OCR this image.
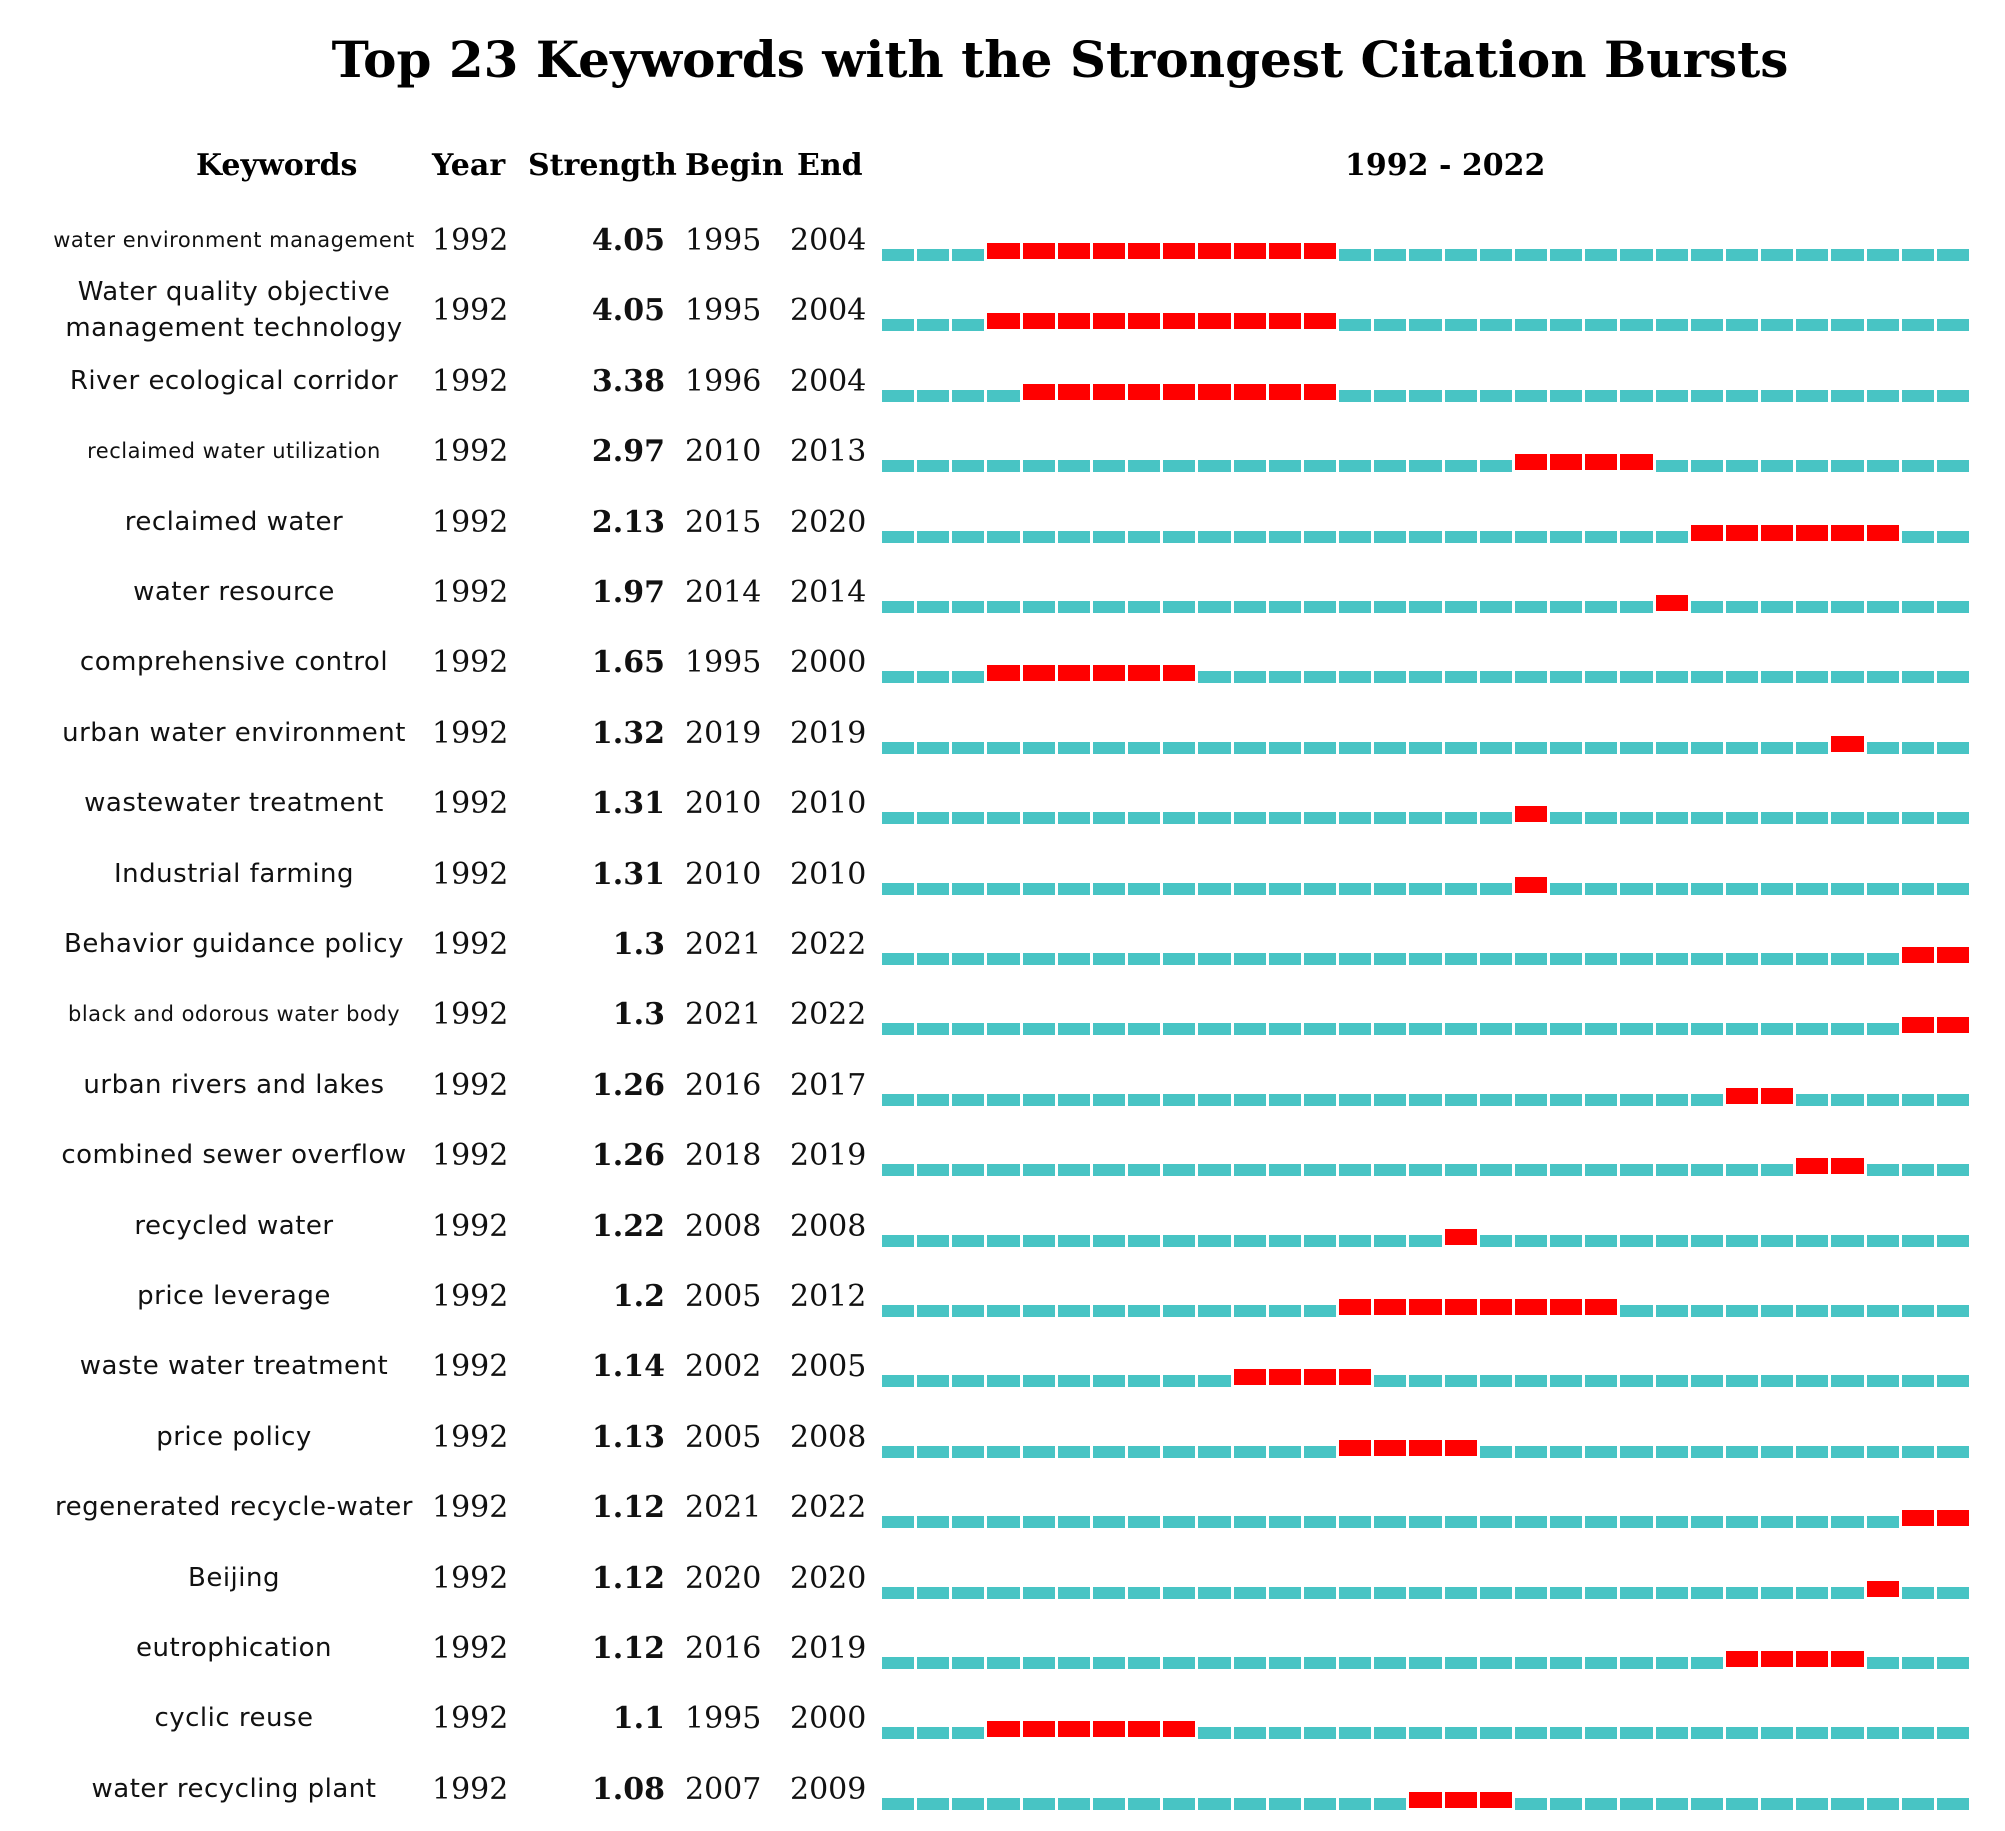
Top 23 Keywords with the Strongest Citation Bursts
Keywords Year Strength Begin End	1992 - 2022
water environment management 1992	4.05 1995 2004
Water quality objective management technology 1992	4.05 1995 2004
River ecological corridor	1992	3.38 1996 2004
reclaimed water utilization	1992	2.97 2010 2013
reclaimed water	1992	2.13 2015 2020
water resource	1992	1.97 2014 2014
comprehensive control	1992	1.65 1995 2000
urban water environment 1992	1.32 2019 2019
wastewater treatment	1992	1.31 2010 2010
Industrial farming	1992	1.31 2010 2010
Behavior guidance policy 1992	1.3 2021 2022
black and odorous water body	1992	1.3 2021 2022
urban rivers and lakes	1992	1.26 2016 2017
combined sewer overflow 1992	1.26 2018 2019
recycled water	1992	1.22 2008 2008
price leverage	1992	1.2 2005 2012
waste water treatment	1992	1.14 2002 2005
price policy	1992	1.13 2005 2008
regenerated recycle-water 1992	1.12 2021 2022
Beijing	1992	1.12 2020 2020
eutrophication	1992	1.12 2016 2019
cyclic reuse	1992	1.1 1995 2000
water recycling plant	1992	1.08 2007 2009
